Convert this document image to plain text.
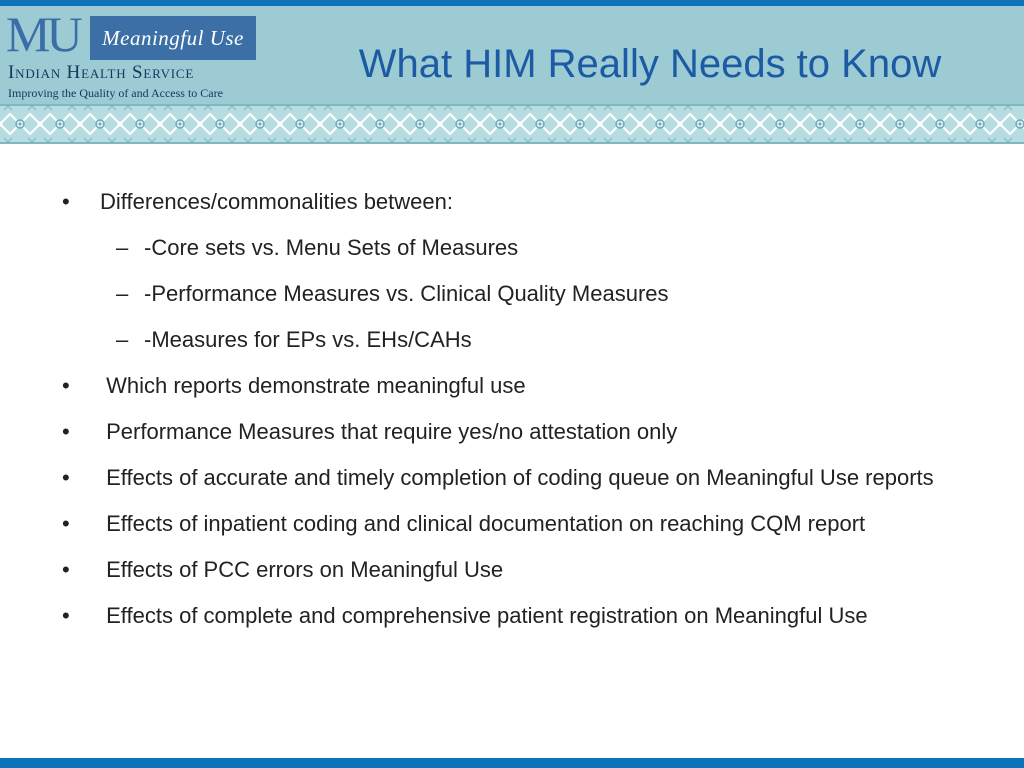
MU	Meaningful Use
Indian Health Service
Improving the Quality of and Access to Care
What HIM Really Needs to Know
• Differences/commonalities between:
– -Core sets vs. Menu Sets of Measures
– -Performance Measures vs. Clinical Quality Measures
– -Measures for EPs vs. EHs/CAHs
• Which reports demonstrate meaningful use
• Performance Measures that require yes/no attestation only
• Effects of accurate and timely completion of coding queue on Meaningful Use reports
• Effects of inpatient coding and clinical documentation on reaching CQM report
• Effects of PCC errors on Meaningful Use
• Effects of complete and comprehensive patient registration on Meaningful Use
